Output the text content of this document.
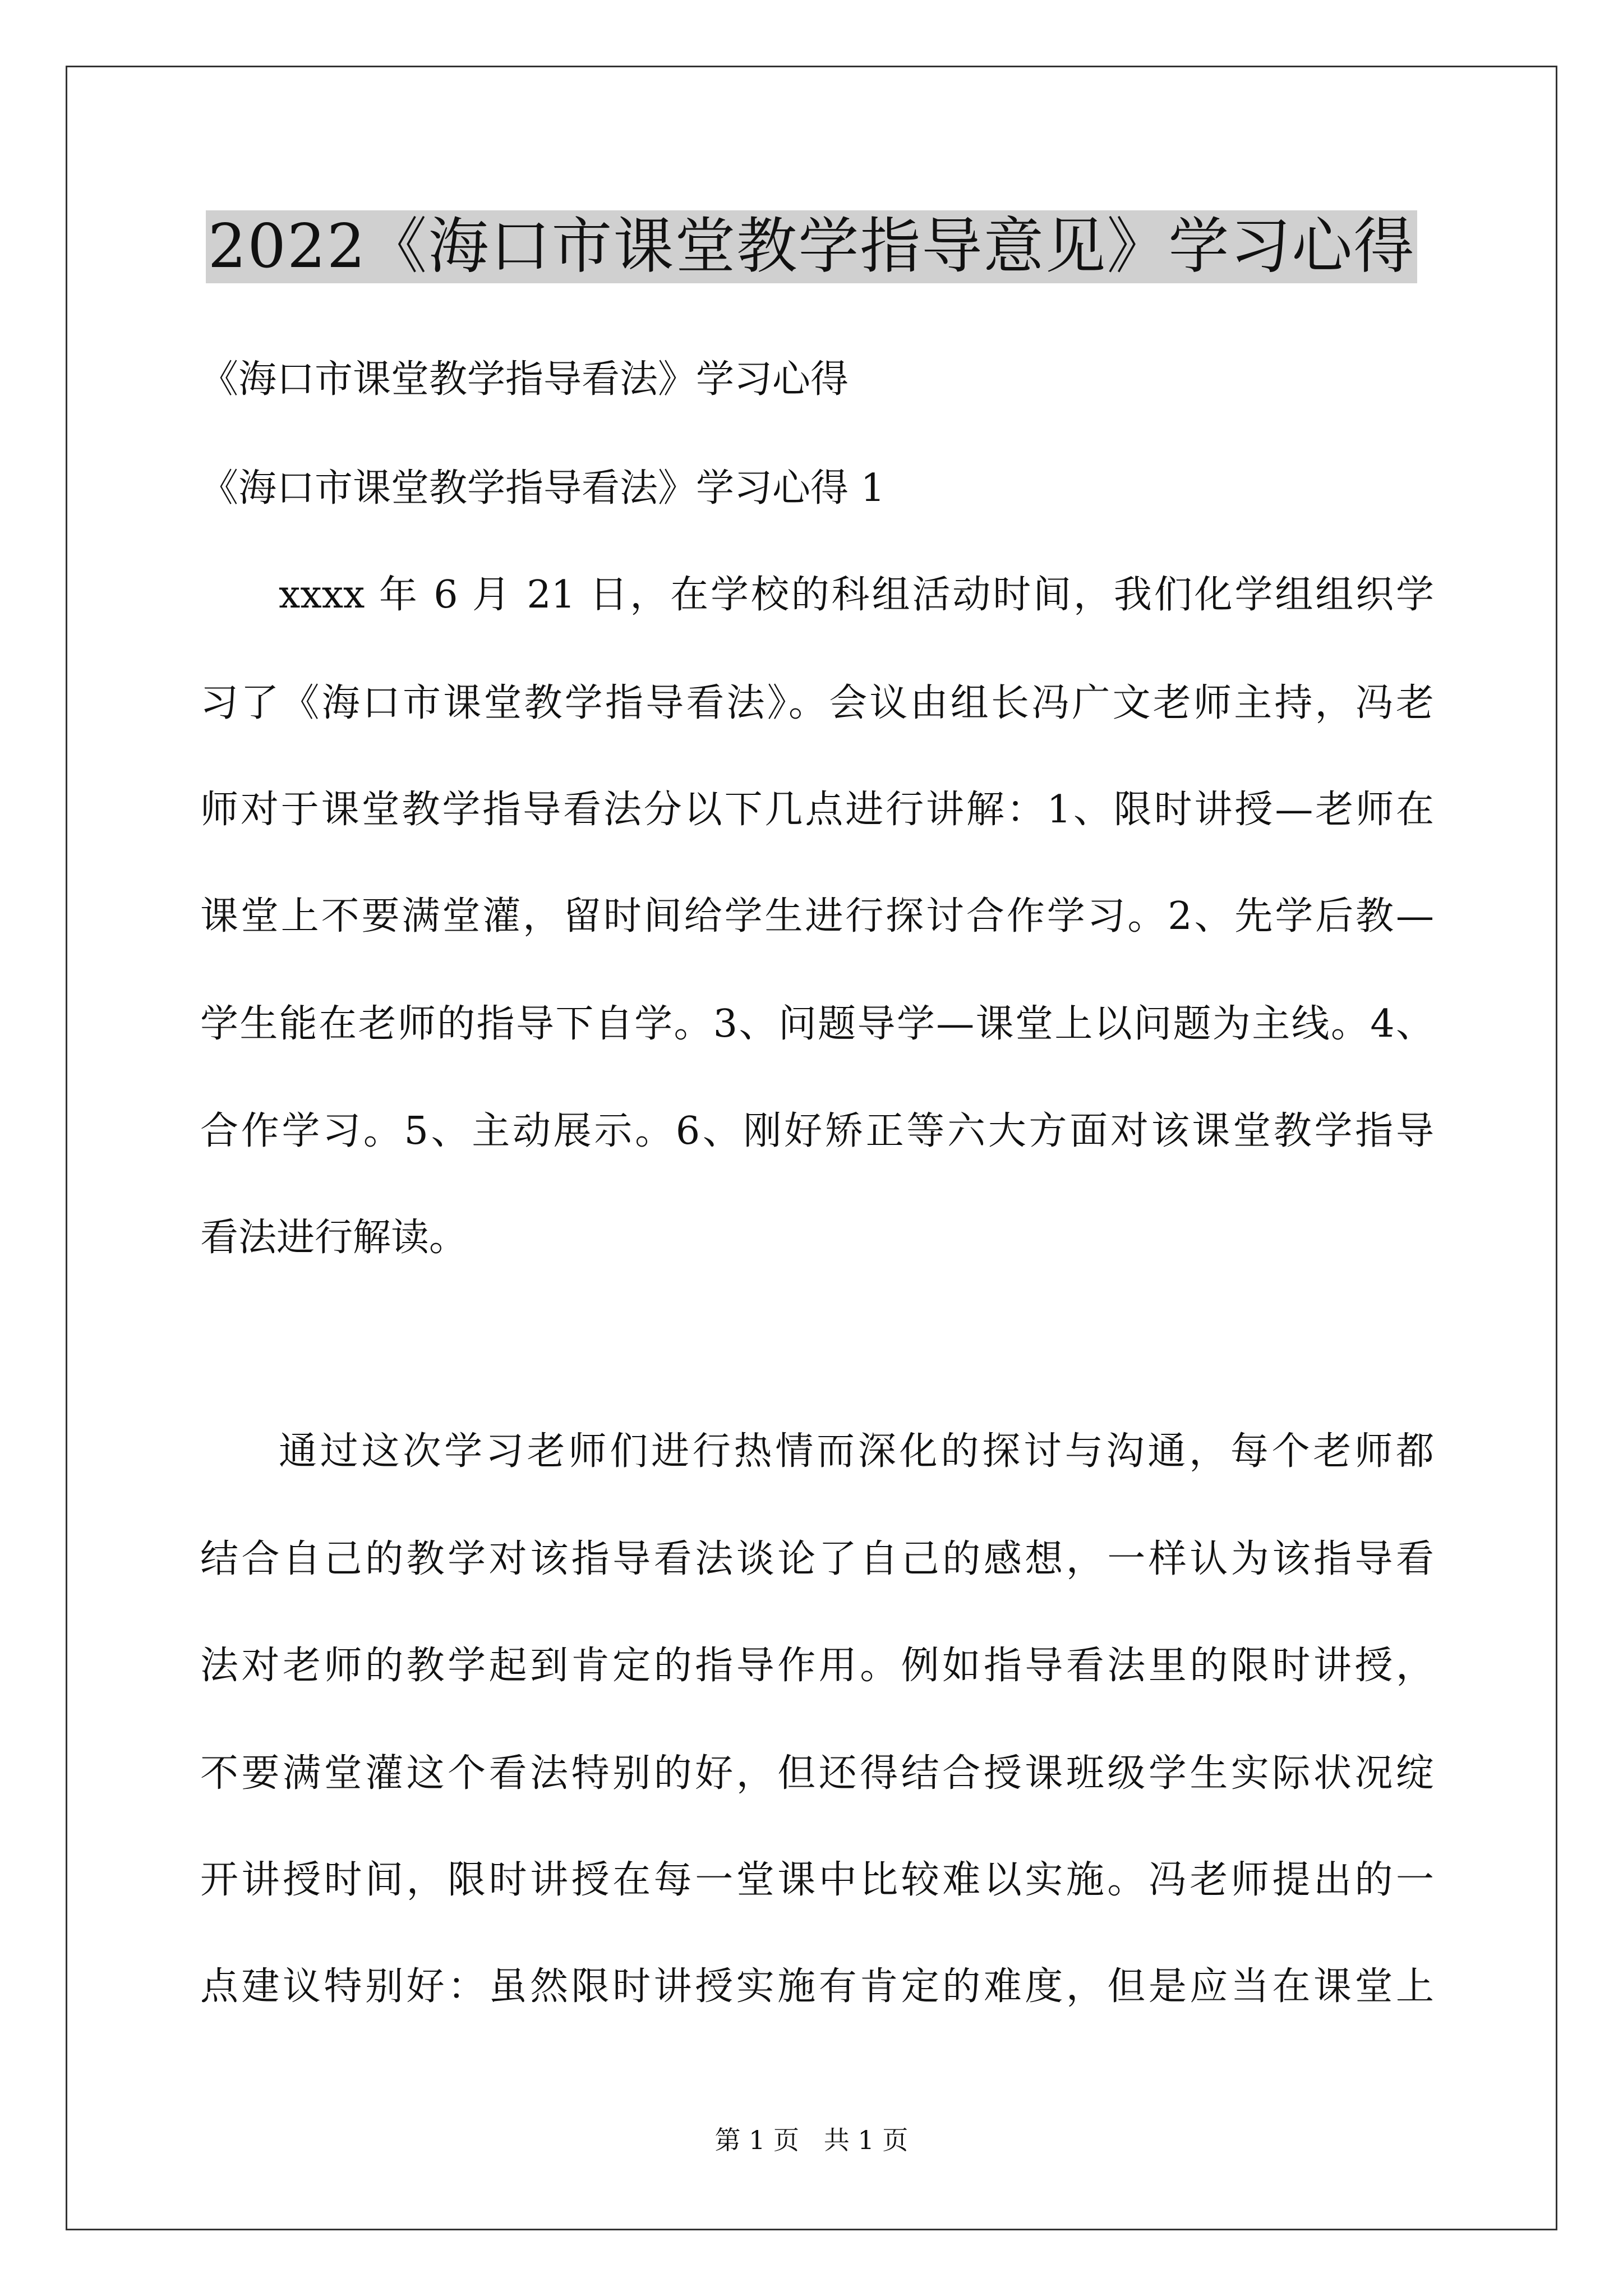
2022《海口市课堂教学指导意见》学习心得
《海口市课堂教学指导看法》学习心得
《海口市课堂教学指导看法》学习心得 1
xxxx 年 6 月 21 日，在学校的科组活动时间，我们化学组组织学
习了《海口市课堂教学指导看法》。会议由组长冯广文老师主持，冯老
师对于课堂教学指导看法分以下几点进行讲解：1、限时讲授—老师在
课堂上不要满堂灌，留时间给学生进行探讨合作学习。2、先学后教—
学生能在老师的指导下自学。3、问题导学—课堂上以问题为主线。4、
合作学习。5、主动展示。6、刚好矫正等六大方面对该课堂教学指导
看法进行解读。
通过这次学习老师们进行热情而深化的探讨与沟通，每个老师都
结合自己的教学对该指导看法谈论了自己的感想，一样认为该指导看
法对老师的教学起到肯定的指导作用。例如指导看法里的限时讲授，
不要满堂灌这个看法特别的好，但还得结合授课班级学生实际状况绽
开讲授时间，限时讲授在每一堂课中比较难以实施。冯老师提出的一
点建议特别好：虽然限时讲授实施有肯定的难度，但是应当在课堂上
第 1 页   共 1 页
